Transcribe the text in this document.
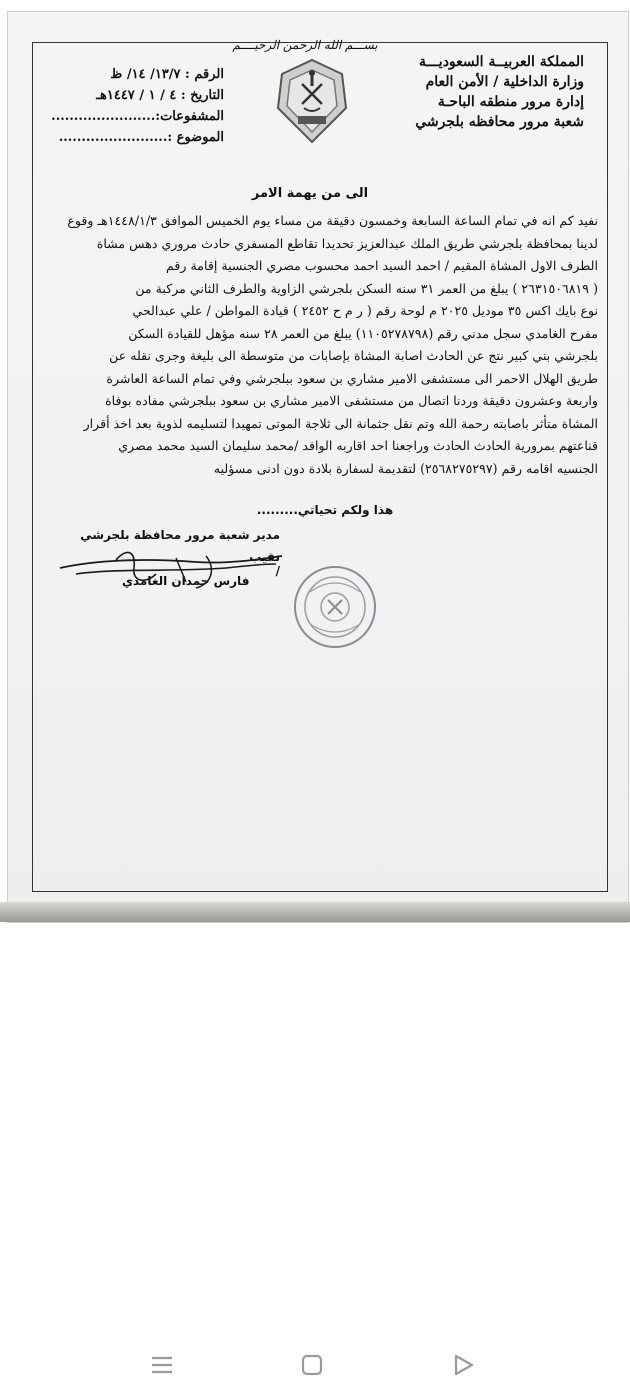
المملكة العربيــة السعوديـــة
وزارة الداخلية / الأمن العام
إدارة مرور منطقه الباحـة
شعبة مرور محافظه بلجرشي
بســـم الله الرحمن الرحيــــم
الرقم : ١٣/٧/ ١٤/ ظ
التاريخ : ٤ / ١ / ١٤٤٧هـ
المشفوعات:.......................
الموضوع :........................
الى من يهمة الامر

نفيد كم انه في تمام الساعة السابعة وخمسون دقيقة من مساء يوم الخميس الموافق ١٤٤٨/١/٣هـ وقوع

لدينا بمحافظة بلجرشي طريق الملك عبدالعزيز تحديدا تقاطع المسفري حادث مروري دهس مشاة

الطرف الاول المشاة المقيم / احمد السيد احمد محسوب مصري الجنسية إقامة رقم

( ٢٦٣١٥٠٦٨١٩ ) يبلغ من العمر ٣١ سنه السكن بلجرشي الزاوية والطرف الثاني مركبة من

نوع بايك اكس ٣٥ موديل ٢٠٢٥ م لوحة رقم ( ر م ح ٢٤٥٢ ) قيادة المواطن / علي عبدالحي

مفرح الغامدي سجل مدني رقم (١١٠٥٢٧٨٧٩٨) يبلغ من العمر ٢٨ سنه مؤهل للقيادة السكن

بلجرشي بني كبير نتج عن الحادث اصابة المشاة بإصابات من متوسطة الى بليغة وجرى نقله عن

طريق الهلال الاحمر الى مستشفى الامير مشاري بن سعود ببلجرشي وفي تمام الساعة العاشرة

واربعة وعشرون دقيقة وردنا اتصال من مستشفى الامير مشاري بن سعود ببلجرشي مفاده بوفاة

المشاة متأثر باصابته رحمة الله وتم نقل جثمانة الى ثلاجة الموتى تمهيدا لتسليمه لذوية بعد اخذ أقرار

قناعتهم بمرورية الحادث الحادث وراجعنا احد اقاربه الوافد /محمد سليمان السيد محمد مصري

الجنسيه اقامه رقم (٢٥٦٨٢٧٥٢٩٧) لتقديمة لسفارة بلادة دون ادنى مسؤليه

هذا ولكم تحياتي.........
مدير شعبة مرور محافظة بلجرشي
نقيب /
فارس حمدان الغامدي
